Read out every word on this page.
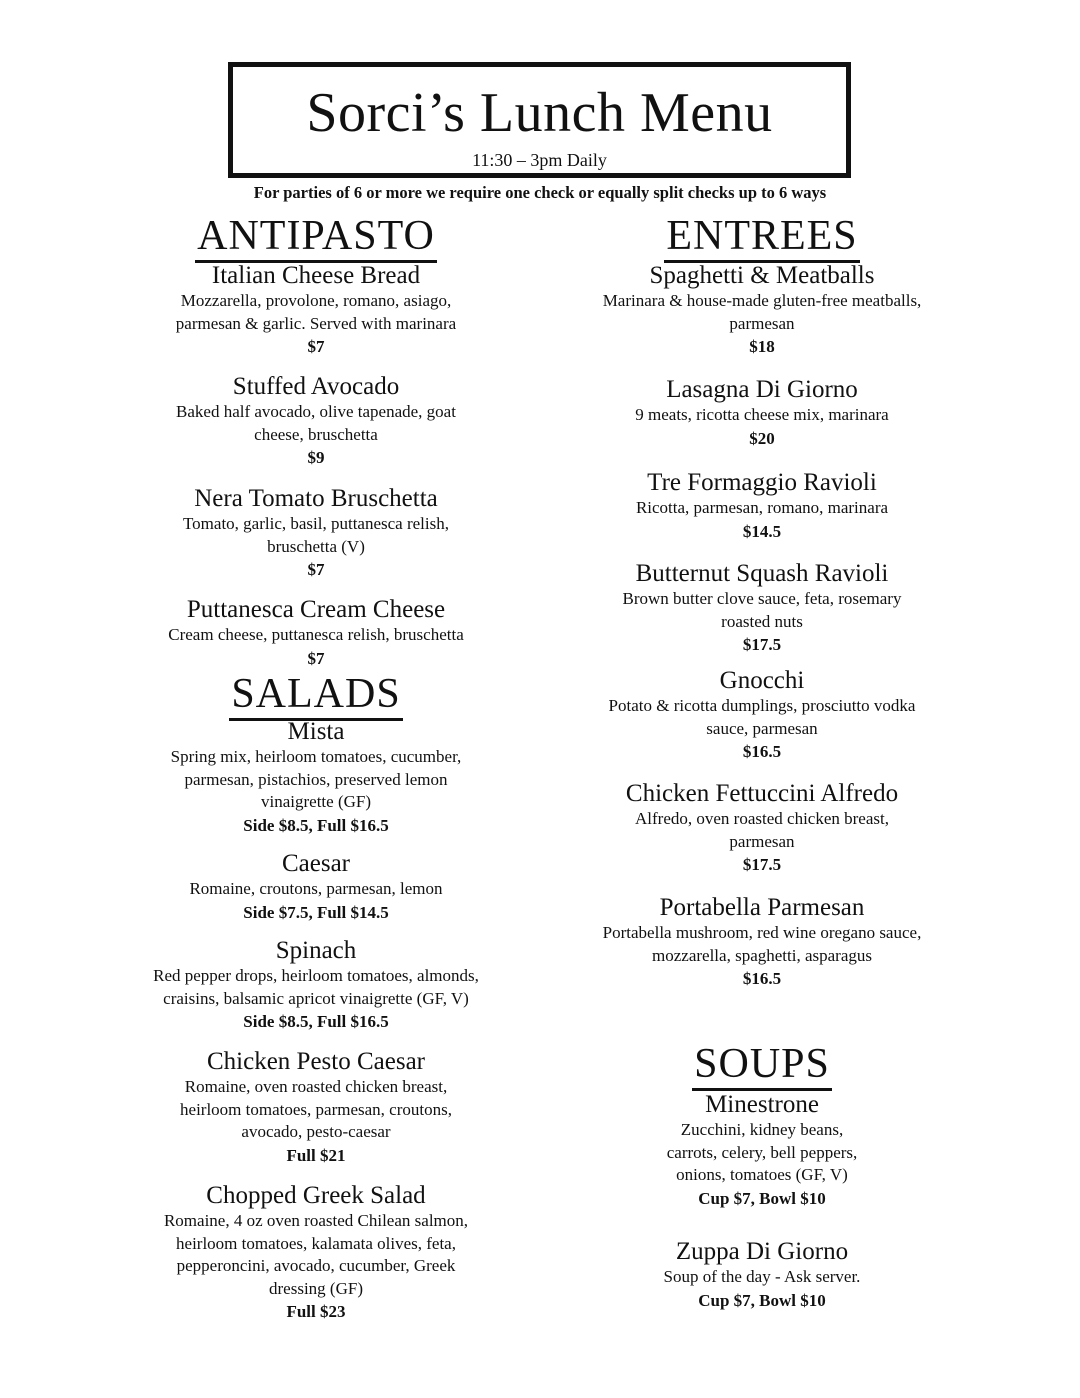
Sorci’s Lunch Menu
11:30 – 3pm Daily
For parties of 6 or more we require one check or equally split checks up to 6 ways
ANTIPASTO
Italian Cheese Bread
Mozzarella, provolone, romano, asiago,
parmesan & garlic. Served with marinara
$7
Stuffed Avocado
Baked half avocado, olive tapenade, goat
cheese, bruschetta
$9
Nera Tomato Bruschetta
Tomato, garlic, basil, puttanesca relish,
bruschetta (V)
$7
Puttanesca Cream Cheese
Cream cheese, puttanesca relish, bruschetta
$7
SALADS
Mista
Spring mix, heirloom tomatoes, cucumber,
parmesan, pistachios, preserved lemon
vinaigrette (GF)
Side $8.5, Full $16.5
Caesar
Romaine, croutons, parmesan, lemon
Side $7.5, Full $14.5
Spinach
Red pepper drops, heirloom tomatoes, almonds,
craisins, balsamic apricot vinaigrette (GF, V)
Side $8.5, Full $16.5
Chicken Pesto Caesar
Romaine, oven roasted chicken breast,
heirloom tomatoes, parmesan, croutons,
avocado, pesto-caesar
Full $21
Chopped Greek Salad
Romaine, 4 oz oven roasted Chilean salmon,
heirloom tomatoes, kalamata olives, feta,
pepperoncini, avocado, cucumber, Greek
dressing (GF)
Full $23
ENTREES
Spaghetti & Meatballs
Marinara & house-made gluten-free meatballs,
parmesan
$18
Lasagna Di Giorno
9 meats, ricotta cheese mix, marinara
$20
Tre Formaggio Ravioli
Ricotta, parmesan, romano, marinara
$14.5
Butternut Squash Ravioli
Brown butter clove sauce, feta, rosemary
roasted nuts
$17.5
Gnocchi
Potato & ricotta dumplings, prosciutto vodka
sauce, parmesan
$16.5
Chicken Fettuccini Alfredo
Alfredo, oven roasted chicken breast,
parmesan
$17.5
Portabella Parmesan
Portabella mushroom, red wine oregano sauce,
mozzarella, spaghetti, asparagus
$16.5
SOUPS
Minestrone
Zucchini, kidney beans,
carrots, celery, bell peppers,
onions, tomatoes (GF, V)
Cup $7, Bowl $10
Zuppa Di Giorno
Soup of the day - Ask server.
Cup $7, Bowl $10
